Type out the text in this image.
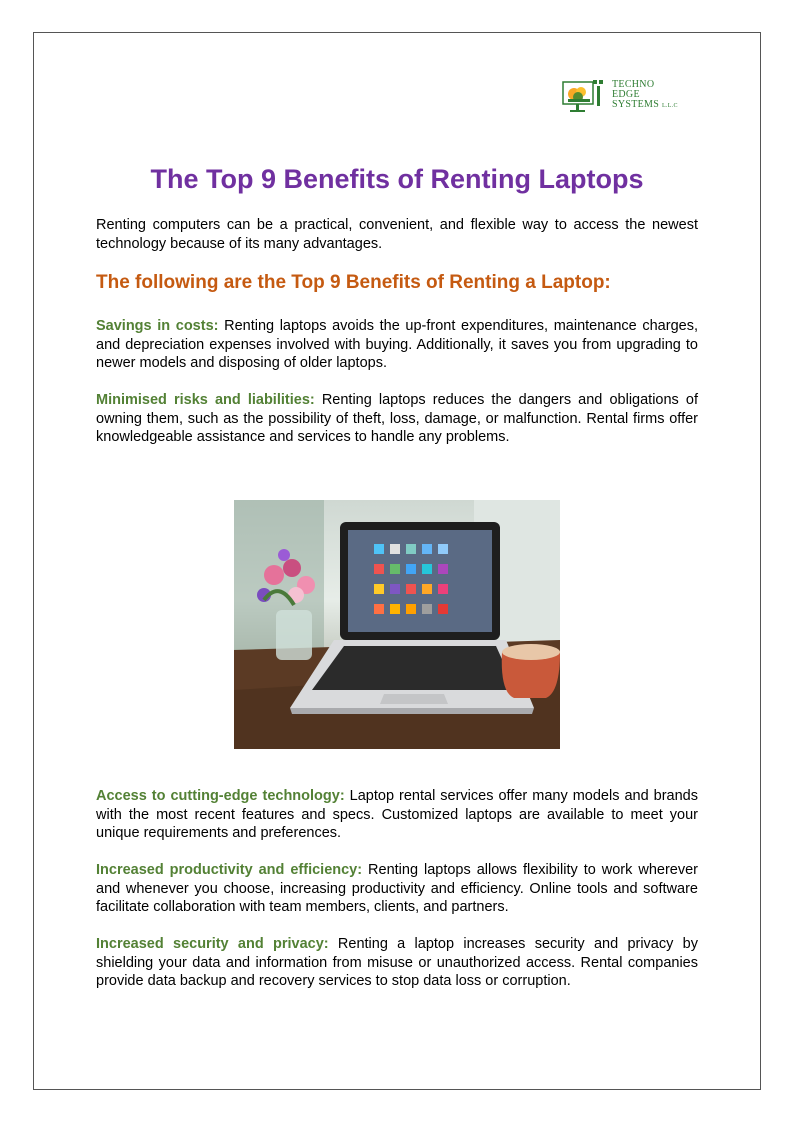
TECHNO
EDGE
SYSTEMS L.L.C
The Top 9 Benefits of Renting Laptops

Renting computers can be a practical, convenient, and flexible way to access the newest technology because of its many advantages.

The following are the Top 9 Benefits of Renting a Laptop:

Savings in costs: Renting laptops avoids the up-front expenditures, maintenance charges, and depreciation expenses involved with buying. Additionally, it saves you from upgrading to newer models and disposing of older laptops.

Minimised risks and liabilities: Renting laptops reduces the dangers and obligations of owning them, such as the possibility of theft, loss, damage, or malfunction. Rental firms offer knowledgeable assistance and services to handle any problems.

Access to cutting-edge technology: Laptop rental services offer many models and brands with the most recent features and specs. Customized laptops are available to meet your unique requirements and preferences.

Increased productivity and efficiency: Renting laptops allows flexibility to work wherever and whenever you choose, increasing productivity and efficiency. Online tools and software facilitate collaboration with team members, clients, and partners.

Increased security and privacy: Renting a laptop increases security and privacy by shielding your data and information from misuse or unauthorized access. Rental companies provide data backup and recovery services to stop data loss or corruption.
